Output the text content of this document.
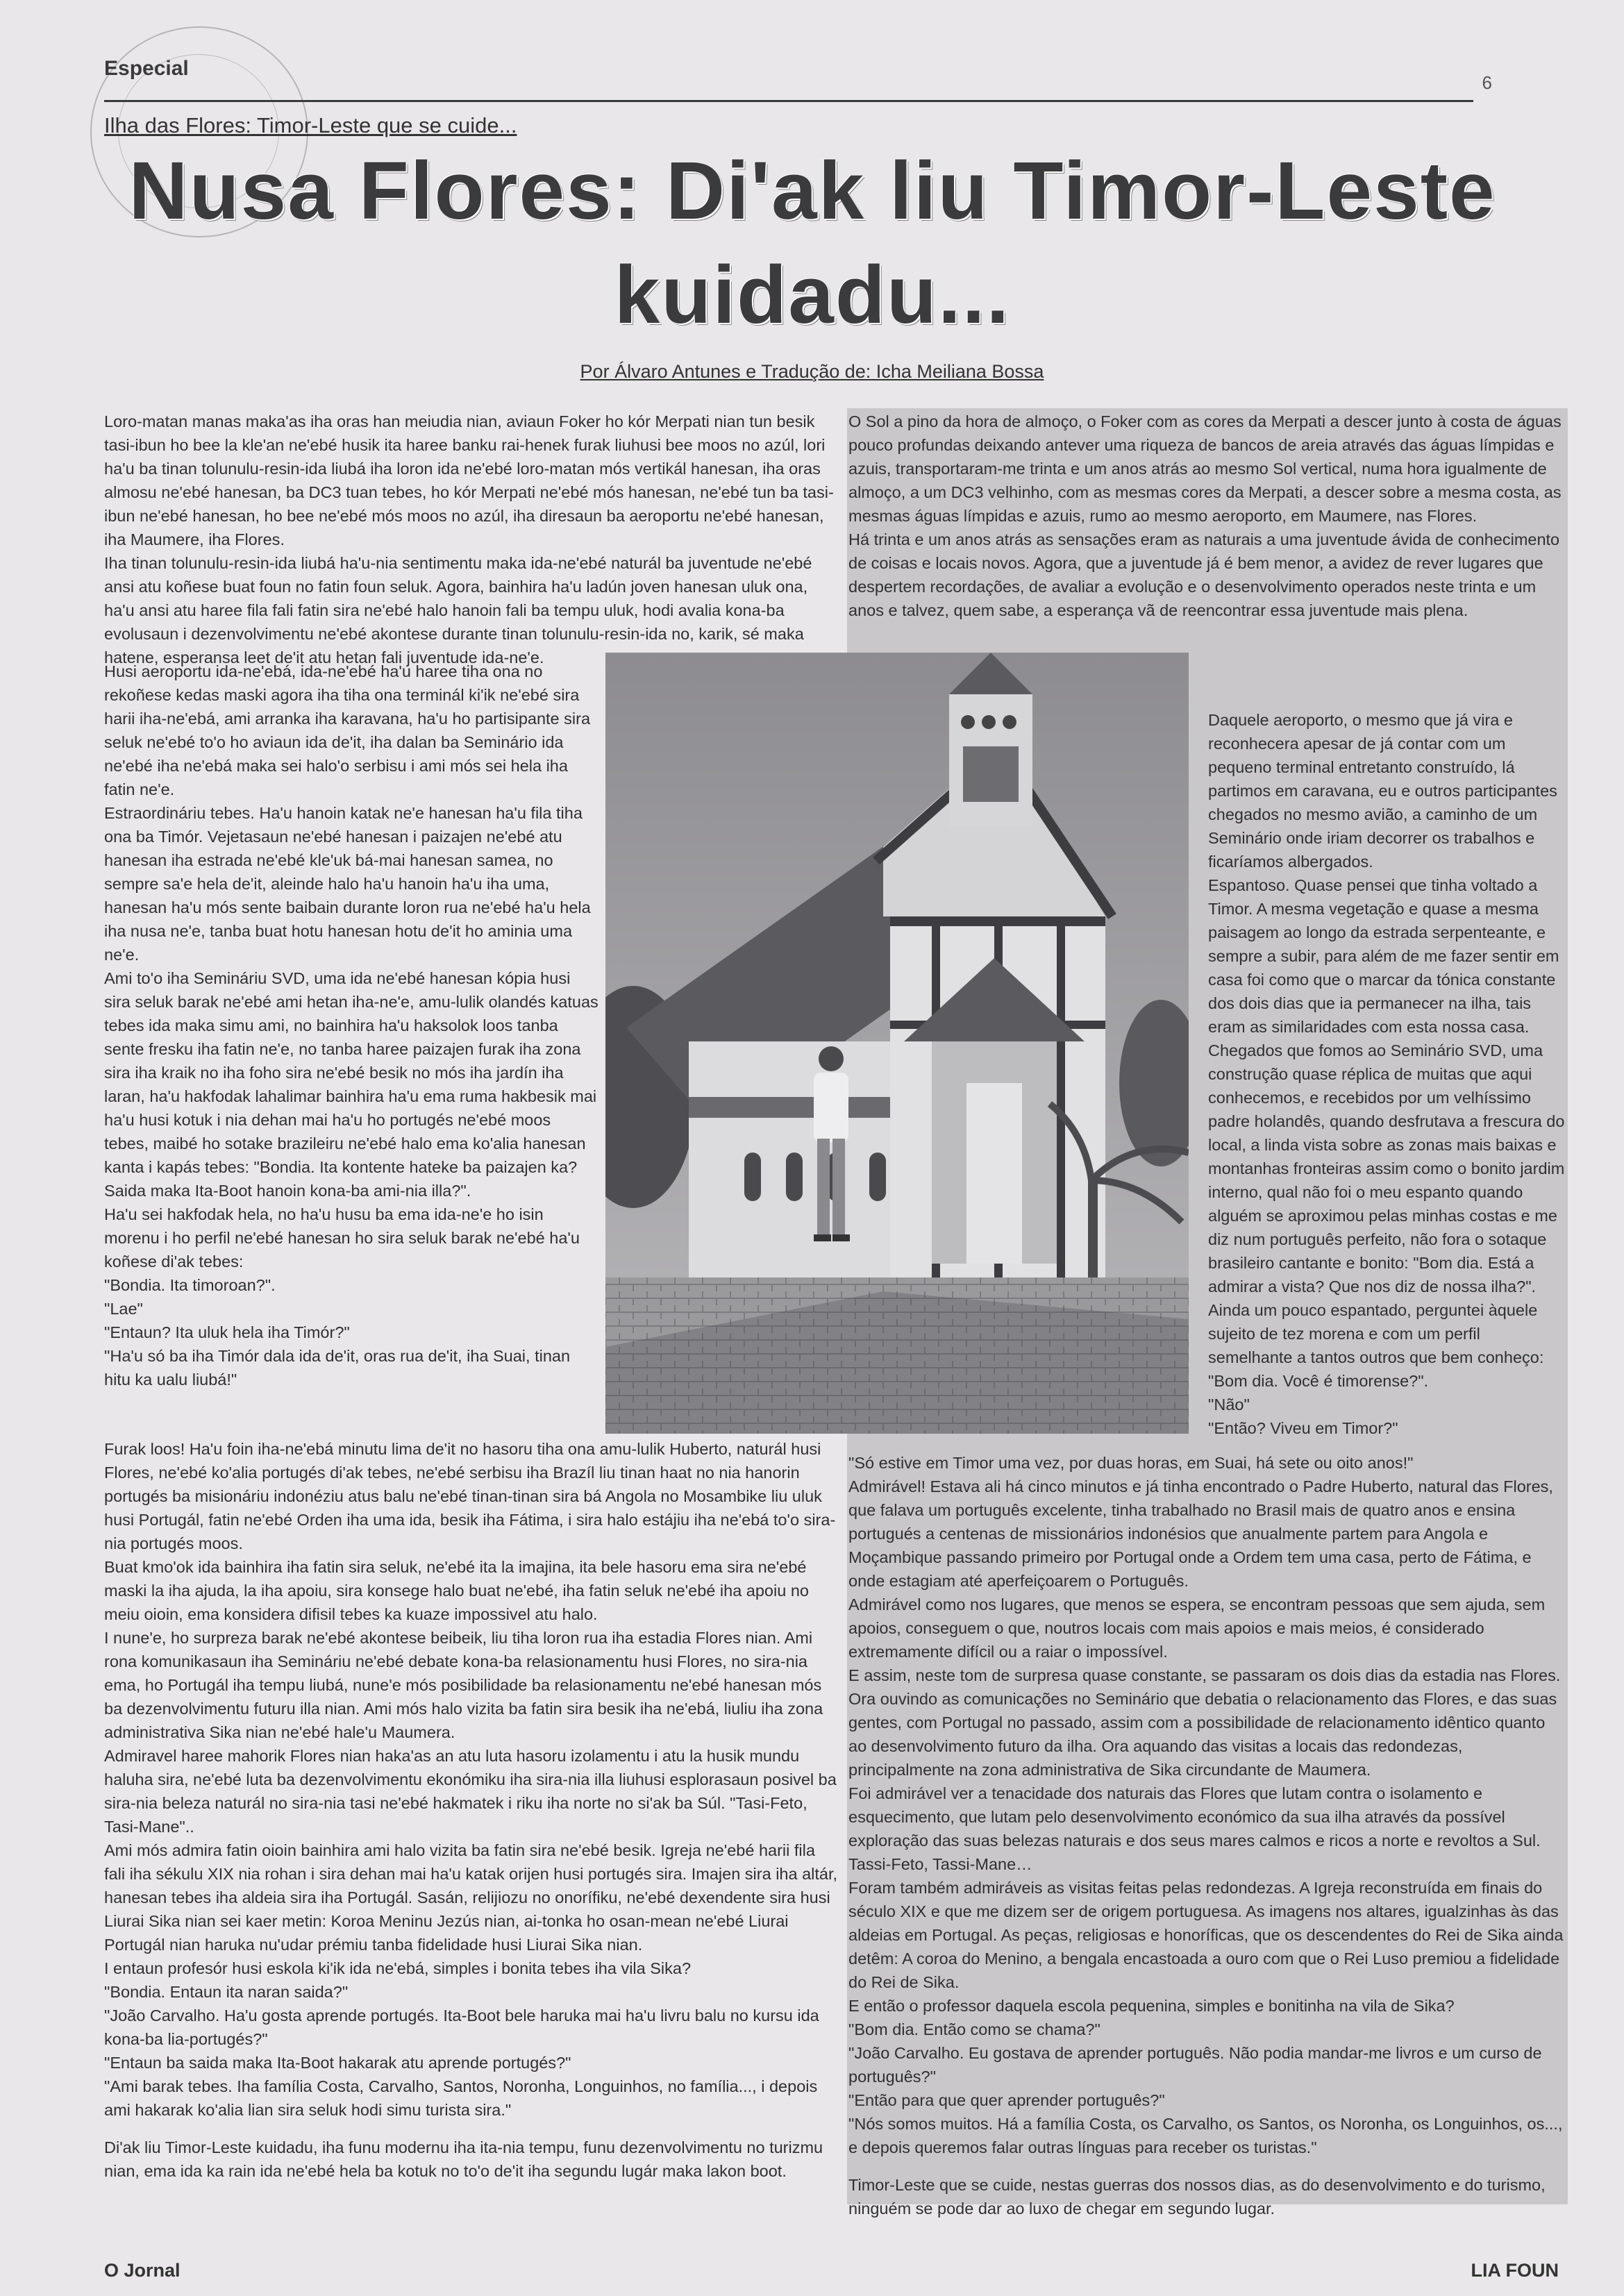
Especial
6
Ilha das Flores: Timor-Leste que se cuide...
Nusa Flores: Di'ak liu Timor-Leste kuidadu...
Por Álvaro Antunes e Tradução de: Icha Meiliana Bossa

Loro-matan manas maka'as iha oras han meiudia nian, aviaun Foker ho kór Merpati nian tun besik tasi-ibun ho bee la kle'an ne'ebé husik ita haree banku rai-henek furak liuhusi bee moos no azúl, lori ha'u ba tinan tolunulu-resin-ida liubá iha loron ida ne'ebé loro-matan mós vertikál hanesan, iha oras almosu ne'ebé hanesan, ba DC3 tuan tebes, ho kór Merpati ne'ebé mós hanesan, ne'ebé tun ba tasi-ibun ne'ebé hanesan, ho bee ne'ebé mós moos no azúl, iha diresaun ba aeroportu ne'ebé hanesan, iha Maumere, iha Flores.

Iha tinan tolunulu-resin-ida liubá ha'u-nia sentimentu maka ida-ne'ebé naturál ba juventude ne'ebé ansi atu koñese buat foun no fatin foun seluk. Agora, bainhira ha'u ladún joven hanesan uluk ona, ha'u ansi atu haree fila fali fatin sira ne'ebé halo hanoin fali ba tempu uluk, hodi avalia kona-ba evolusaun i dezenvolvimentu ne'ebé akontese durante tinan tolunulu-resin-ida no, karik, sé maka hatene, esperansa leet de'it atu hetan fali juventude ida-ne'e.

Husi aeroportu ida-ne'ebá, ida-ne'ebé ha'u haree tiha ona no rekoñese kedas maski agora iha tiha ona terminál ki'ik ne'ebé sira harii iha-ne'ebá, ami arranka iha karavana, ha'u ho partisipante sira seluk ne'ebé to'o ho aviaun ida de'it, iha dalan ba Seminário ida ne'ebé iha ne'ebá maka sei halo'o serbisu i ami mós sei hela iha fatin ne'e.

Estraordináriu tebes. Ha'u hanoin katak ne'e hanesan ha'u fila tiha ona ba Timór. Vejetasaun ne'ebé hanesan i paizajen ne'ebé atu hanesan iha estrada ne'ebé kle'uk bá-mai hanesan samea, no sempre sa'e hela de'it, aleinde halo ha'u hanoin ha'u iha uma, hanesan ha'u mós sente baibain durante loron rua ne'ebé ha'u hela iha nusa ne'e, tanba buat hotu hanesan hotu de'it ho aminia uma ne'e.

Ami to'o iha Semináriu SVD, uma ida ne'ebé hanesan kópia husi sira seluk barak ne'ebé ami hetan iha-ne'e, amu-lulik olandés katuas tebes ida maka simu ami, no bainhira ha'u haksolok loos tanba sente fresku iha fatin ne'e, no tanba haree paizajen furak iha zona sira iha kraik no iha foho sira ne'ebé besik no mós iha jardín iha laran, ha'u hakfodak lahalimar bainhira ha'u ema ruma hakbesik mai ha'u husi kotuk i nia dehan mai ha'u ho portugés ne'ebé moos tebes, maibé ho sotake brazileiru ne'ebé halo ema ko'alia hanesan kanta i kapás tebes: "Bondia. Ita kontente hateke ba paizajen ka? Saida maka Ita-Boot hanoin kona-ba ami-nia illa?".

Ha'u sei hakfodak hela, no ha'u husu ba ema ida-ne'e ho isin morenu i ho perfil ne'ebé hanesan ho sira seluk barak ne'ebé ha'u koñese di'ak tebes:

"Bondia. Ita timoroan?".

"Lae"

"Entaun? Ita uluk hela iha Timór?"

"Ha'u só ba iha Timór dala ida de'it, oras rua de'it, iha Suai, tinan hitu ka ualu liubá!"

Furak loos! Ha'u foin iha-ne'ebá minutu lima de'it no hasoru tiha ona amu-lulik Huberto, naturál husi Flores, ne'ebé ko'alia portugés di'ak tebes, ne'ebé serbisu iha Brazíl liu tinan haat no nia hanorin portugés ba misionáriu indonéziu atus balu ne'ebé tinan-tinan sira bá Angola no Mosambike liu uluk husi Portugál, fatin ne'ebé Orden iha uma ida, besik iha Fátima, i sira halo estájiu iha ne'ebá to'o sira-nia portugés moos.

Buat kmo'ok ida bainhira iha fatin sira seluk, ne'ebé ita la imajina, ita bele hasoru ema sira ne'ebé maski la iha ajuda, la iha apoiu, sira konsege halo buat ne'ebé, iha fatin seluk ne'ebé iha apoiu no meiu oioin, ema konsidera difisil tebes ka kuaze impossivel atu halo.

I nune'e, ho surpreza barak ne'ebé akontese beibeik, liu tiha loron rua iha estadia Flores nian. Ami rona komunikasaun iha Semináriu ne'ebé debate kona-ba relasionamentu husi Flores, no sira-nia ema, ho Portugál iha tempu liubá, nune'e mós posibilidade ba relasionamentu ne'ebé hanesan mós ba dezenvolvimentu futuru illa nian. Ami mós halo vizita ba fatin sira besik iha ne'ebá, liuliu iha zona administrativa Sika nian ne'ebé hale'u Maumera.

Admiravel haree mahorik Flores nian haka'as an atu luta hasoru izolamentu i atu la husik mundu haluha sira, ne'ebé luta ba dezenvolvimentu ekonómiku iha sira-nia illa liuhusi esplorasaun posivel ba sira-nia beleza naturál no sira-nia tasi ne'ebé hakmatek i riku iha norte no si'ak ba Súl. "Tasi-Feto, Tasi-Mane"..

Ami mós admira fatin oioin bainhira ami halo vizita ba fatin sira ne'ebé besik. Igreja ne'ebé harii fila fali iha sékulu XIX nia rohan i sira dehan mai ha'u katak orijen husi portugés sira. Imajen sira iha altár, hanesan tebes iha aldeia sira iha Portugál. Sasán, relijiozu no onorífiku, ne'ebé dexendente sira husi Liurai Sika nian sei kaer metin: Koroa Meninu Jezús nian, ai-tonka ho osan-mean ne'ebé Liurai Portugál nian haruka nu'udar prémiu tanba fidelidade husi Liurai Sika nian.

I entaun profesór husi eskola ki'ik ida ne'ebá, simples i bonita tebes iha vila Sika?

"Bondia. Entaun ita naran saida?"

"João Carvalho. Ha'u gosta aprende portugés. Ita-Boot bele haruka mai ha'u livru balu no kursu ida kona-ba lia-portugés?"

"Entaun ba saida maka Ita-Boot hakarak atu aprende portugés?"

"Ami barak tebes. Iha família Costa, Carvalho, Santos, Noronha, Longuinhos, no família..., i depois ami hakarak ko'alia lian sira seluk hodi simu turista sira."

Di'ak liu Timor-Leste kuidadu, iha funu modernu iha ita-nia tempu, funu dezenvolvimentu no turizmu nian, ema ida ka rain ida ne'ebé hela ba kotuk no to'o de'it iha segundu lugár maka lakon boot.

O Sol a pino da hora de almoço, o Foker com as cores da Merpati a descer junto à costa de águas pouco profundas deixando antever uma riqueza de bancos de areia através das águas límpidas e azuis, transportaram-me trinta e um anos atrás ao mesmo Sol vertical, numa hora igualmente de almoço, a um DC3 velhinho, com as mesmas cores da Merpati, a descer sobre a mesma costa, as mesmas águas límpidas e azuis, rumo ao mesmo aeroporto, em Maumere, nas Flores.

Há trinta e um anos atrás as sensações eram as naturais a uma juventude ávida de conhecimento de coisas e locais novos. Agora, que a juventude já é bem menor, a avidez de rever lugares que despertem recordações, de avaliar a evolução e o desenvolvimento operados neste trinta e um anos e talvez, quem sabe, a esperança vã de reencontrar essa juventude mais plena.

Daquele aeroporto, o mesmo que já vira e reconhecera apesar de já contar com um pequeno terminal entretanto construído, lá partimos em caravana, eu e outros participantes chegados no mesmo avião, a caminho de um Seminário onde iriam decorrer os trabalhos e ficaríamos albergados.

Espantoso. Quase pensei que tinha voltado a Timor. A mesma vegetação e quase a mesma paisagem ao longo da estrada serpenteante, e sempre a subir, para além de me fazer sentir em casa foi como que o marcar da tónica constante dos dois dias que ia permanecer na ilha, tais eram as similaridades com esta nossa casa.

Chegados que fomos ao Seminário SVD, uma construção quase réplica de muitas que aqui conhecemos, e recebidos por um velhíssimo padre holandês, quando desfrutava a frescura do local, a linda vista sobre as zonas mais baixas e montanhas fronteiras assim como o bonito jardim interno, qual não foi o meu espanto quando alguém se aproximou pelas minhas costas e me diz num português perfeito, não fora o sotaque brasileiro cantante e bonito: "Bom dia. Está a admirar a vista? Que nos diz de nossa ilha?".

Ainda um pouco espantado, perguntei àquele sujeito de tez morena e com um perfil semelhante a tantos outros que bem conheço:

"Bom dia. Você é timorense?".

"Não"

"Então? Viveu em Timor?"

"Só estive em Timor uma vez, por duas horas, em Suai, há sete ou oito anos!"

Admirável! Estava ali há cinco minutos e já tinha encontrado o Padre Huberto, natural das Flores, que falava um português excelente, tinha trabalhado no Brasil mais de quatro anos e ensina portugués a centenas de missionários indonésios que anualmente partem para Angola e Moçambique passando primeiro por Portugal onde a Ordem tem uma casa, perto de Fátima, e onde estagiam até aperfeiçoarem o Português.

Admirável como nos lugares, que menos se espera, se encontram pessoas que sem ajuda, sem apoios, conseguem o que, noutros locais com mais apoios e mais meios, é considerado extremamente difícil ou a raiar o impossível.

E assim, neste tom de surpresa quase constante, se passaram os dois dias da estadia nas Flores. Ora ouvindo as comunicações no Seminário que debatia o relacionamento das Flores, e das suas gentes, com Portugal no passado, assim com a possibilidade de relacionamento idêntico quanto ao desenvolvimento futuro da ilha. Ora aquando das visitas a locais das redondezas, principalmente na zona administrativa de Sika circundante de Maumera.

Foi admirável ver a tenacidade dos naturais das Flores que lutam contra o isolamento e esquecimento, que lutam pelo desenvolvimento económico da sua ilha através da possível exploração das suas belezas naturais e dos seus mares calmos e ricos a norte e revoltos a Sul. Tassi-Feto, Tassi-Mane…

Foram também admiráveis as visitas feitas pelas redondezas. A Igreja reconstruída em finais do século XIX e que me dizem ser de origem portuguesa. As imagens nos altares, igualzinhas às das aldeias em Portugal. As peças, religiosas e honoríficas, que os descendentes do Rei de Sika ainda detêm: A coroa do Menino, a bengala encastoada a ouro com que o Rei Luso premiou a fidelidade do Rei de Sika.

E então o professor daquela escola pequenina, simples e bonitinha na vila de Sika?

"Bom dia. Então como se chama?"

"João Carvalho. Eu gostava de aprender português. Não podia mandar-me livros e um curso de português?"

"Então para que quer aprender português?"

"Nós somos muitos. Há a família Costa, os Carvalho, os Santos, os Noronha, os Longuinhos, os..., e depois queremos falar outras línguas para receber os turistas."

Timor-Leste que se cuide, nestas guerras dos nossos dias, as do desenvolvimento e do turismo, ninguém se pode dar ao luxo de chegar em segundo lugar.

O Jornal	LIA FOUN
